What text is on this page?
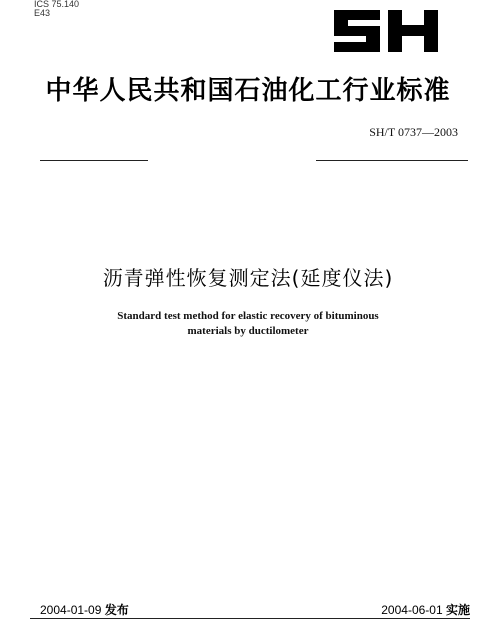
ICS 75.140
E43
中华人民共和国石油化工行业标准
SH/T 0737—2003
沥青弹性恢复测定法(延度仪法)
Standard test method for elastic recovery of bituminous
materials by ductilometer
2004-01-09 发布	2004-06-01 实施
